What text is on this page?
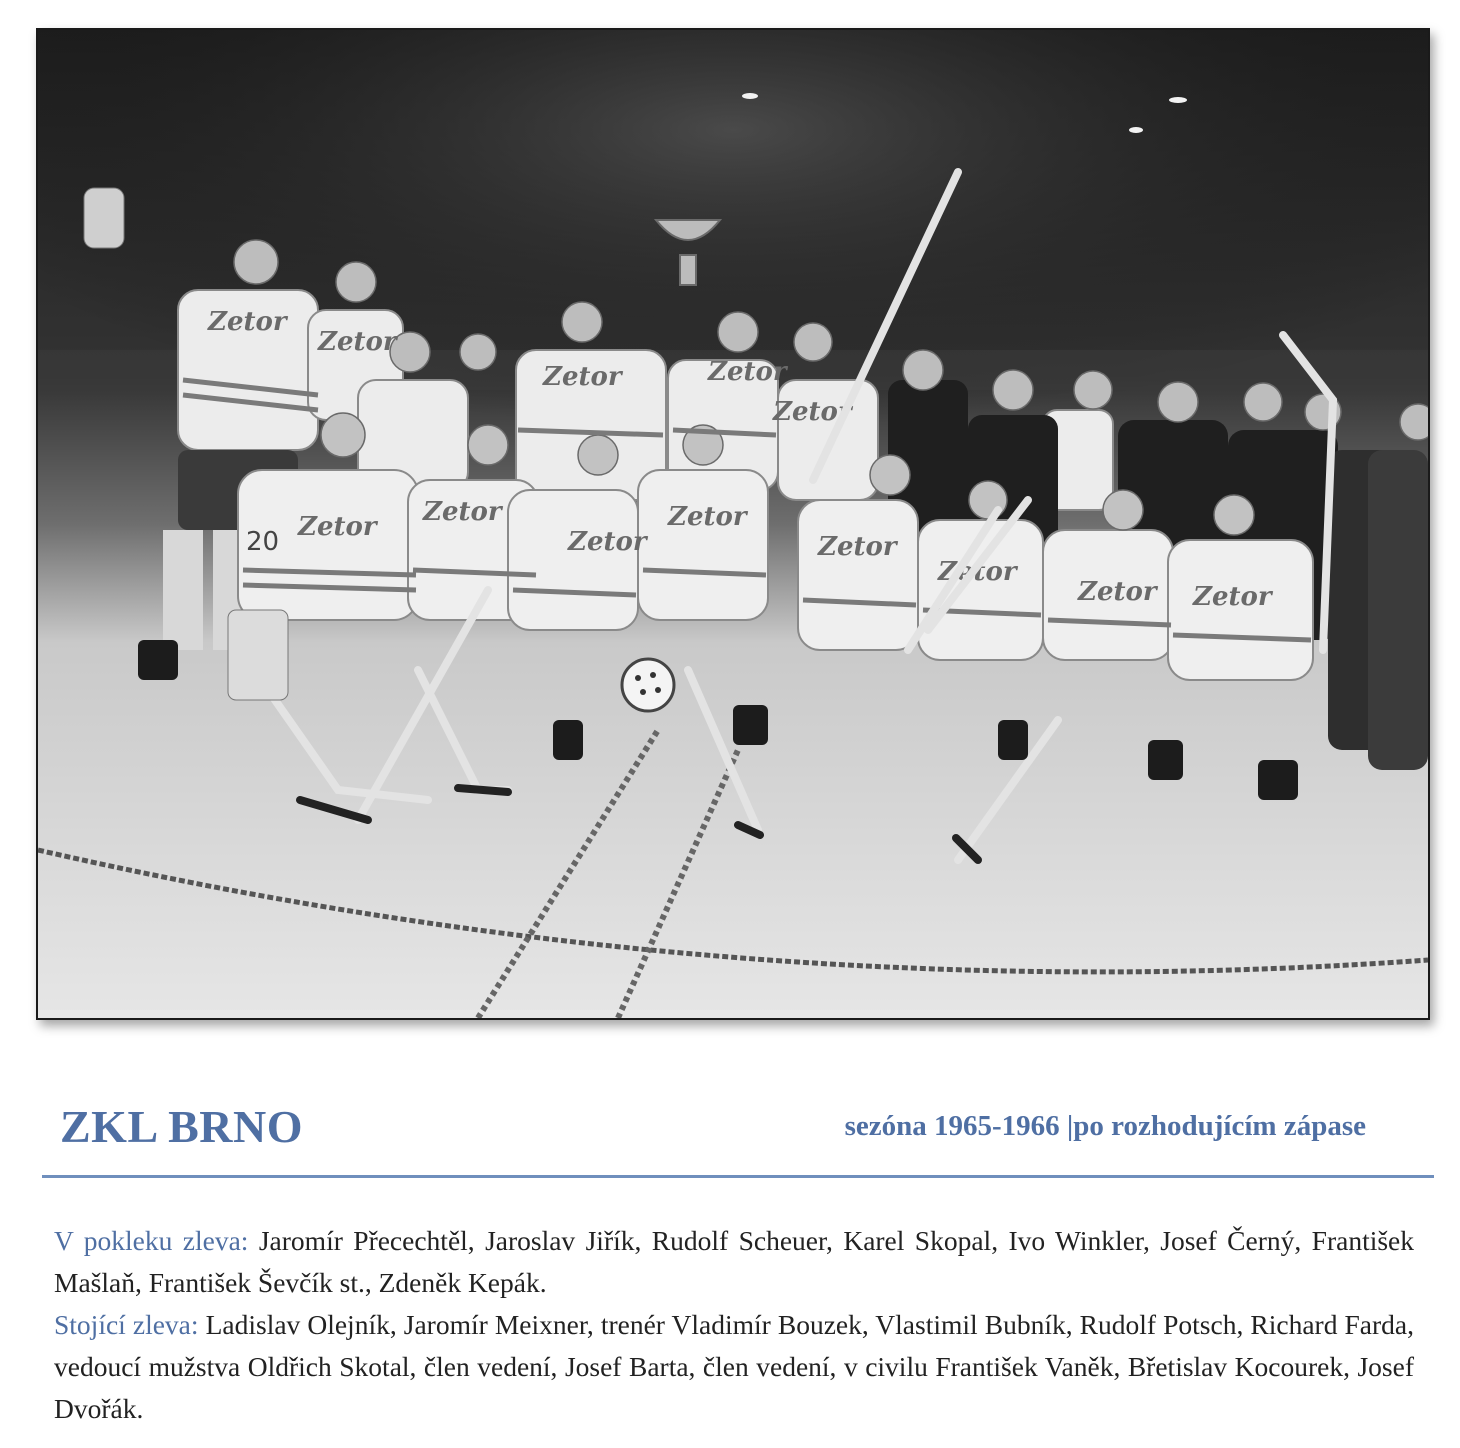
Zetor
Zetor
Zetor	Zetor
Zetor
Zetor Zetor
Zetor
Zetor
Zetor
Zetor
Zetor Zetor
20
ZKL BRNO	sezóna 1965-1966 |po rozhodujícím zápase

V pokleku zleva: Jaromír Přecechtěl, Jaroslav Jiřík, Rudolf Scheuer, Karel Skopal, Ivo Winkler, Josef Černý, František Mašlaň, František Ševčík st., Zdeněk Kepák.

Stojící zleva: Ladislav Olejník, Jaromír Meixner, trenér Vladimír Bouzek, Vlastimil Bubník, Rudolf Potsch, Richard Farda, vedoucí mužstva Oldřich Skotal, člen vedení, Josef Barta, člen vedení, v civilu František Vaněk, Břetislav Kocourek, Josef Dvořák.
